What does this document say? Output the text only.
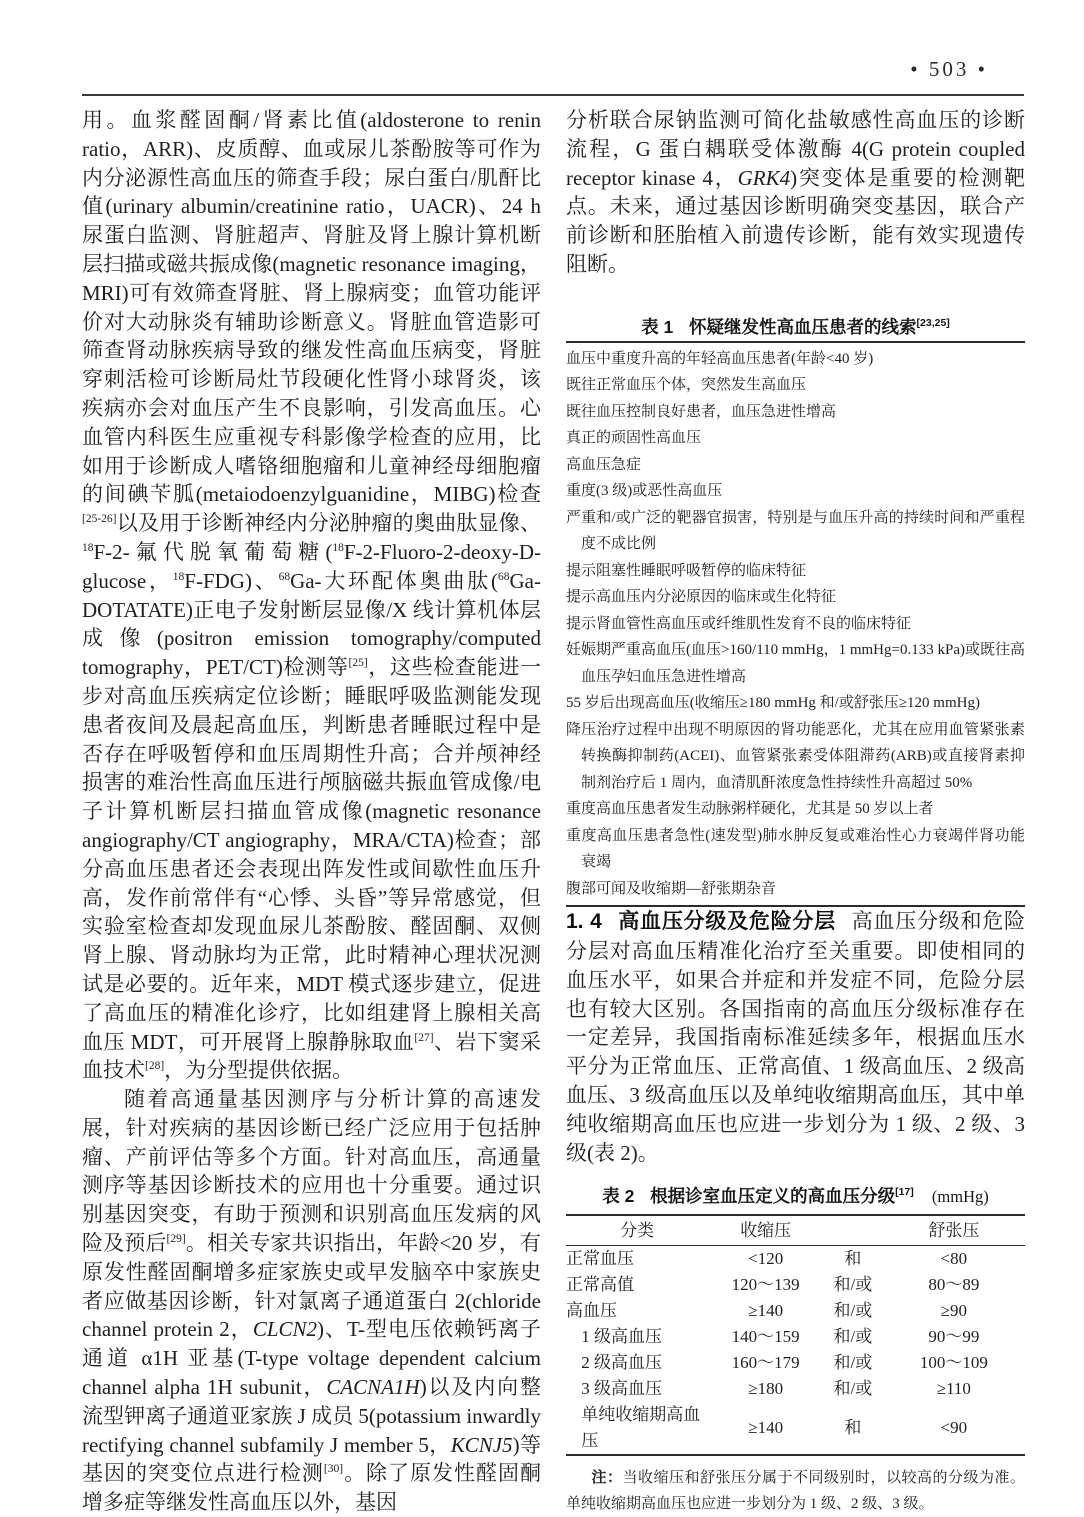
• 503 •

用。血浆醛固酮/肾素比值(aldosterone to renin ratio，ARR)、皮质醇、血或尿儿茶酚胺等可作为内分泌源性高血压的筛查手段；尿白蛋白/肌酐比值(urinary albumin/creatinine ratio，UACR)、24 h 尿蛋白监测、肾脏超声、肾脏及肾上腺计算机断层扫描或磁共振成像(magnetic resonance imaging，MRI)可有效筛查肾脏、肾上腺病变；血管功能评价对大动脉炎有辅助诊断意义。肾脏血管造影可筛查肾动脉疾病导致的继发性高血压病变，肾脏穿刺活检可诊断局灶节段硬化性肾小球肾炎，该疾病亦会对血压产生不良影响，引发高血压。心血管内科医生应重视专科影像学检查的应用，比如用于诊断成人嗜铬细胞瘤和儿童神经母细胞瘤的间碘苄胍(metaiodoenzylguanidine，MIBG)检查[25-26]以及用于诊断神经内分泌肿瘤的奥曲肽显像、$^{18}$F-2-氟代脱氧葡萄糖($^{18}$F-2-Fluoro-2-deoxy-D-glucose，$^{18}$F-FDG)、$^{68}$Ga-大环配体奥曲肽($^{68}$Ga-DOTATATE)正电子发射断层显像/X 线计算机体层成像(positron emission tomography/computed tomography，PET/CT)检测等[25]，这些检查能进一步对高血压疾病定位诊断；睡眠呼吸监测能发现患者夜间及晨起高血压，判断患者睡眠过程中是否存在呼吸暂停和血压周期性升高；合并颅神经损害的难治性高血压进行颅脑磁共振血管成像/电子计算机断层扫描血管成像(magnetic resonance angiography/CT angiography，MRA/CTA)检查；部分高血压患者还会表现出阵发性或间歇性血压升高，发作前常伴有“心悸、头昏”等异常感觉，但实验室检查却发现血尿儿茶酚胺、醛固酮、双侧肾上腺、肾动脉均为正常，此时精神心理状况测试是必要的。近年来，MDT 模式逐步建立，促进了高血压的精准化诊疗，比如组建肾上腺相关高血压 MDT，可开展肾上腺静脉取血[27]、岩下窦采血技术[28]，为分型提供依据。

随着高通量基因测序与分析计算的高速发展，针对疾病的基因诊断已经广泛应用于包括肿瘤、产前评估等多个方面。针对高血压，高通量测序等基因诊断技术的应用也十分重要。通过识别基因突变，有助于预测和识别高血压发病的风险及预后[29]。相关专家共识指出，年龄<20 岁，有原发性醛固酮增多症家族史或早发脑卒中家族史者应做基因诊断，针对氯离子通道蛋白 2(chloride channel protein 2，CLCN2)、T-型电压依赖钙离子通道 α1H 亚基(T-type voltage dependent calcium channel alpha 1H subunit，CACNA1H)以及内向整流型钾离子通道亚家族 J 成员 5(potassium inwardly rectifying channel subfamily J member 5，KCNJ5)等基因的突变位点进行检测[30]。除了原发性醛固酮增多症等继发性高血压以外，基因

分析联合尿钠监测可简化盐敏感性高血压的诊断流程，G 蛋白耦联受体激酶 4(G protein coupled receptor kinase 4，GRK4)突变体是重要的检测靶点。未来，通过基因诊断明确突变基因，联合产前诊断和胚胎植入前遗传诊断，能有效实现遗传阻断。

表 1 怀疑继发性高血压患者的线索[23,25]

血压中重度升高的年轻高血压患者(年龄<40 岁)
既往正常血压个体，突然发生高血压
既往血压控制良好患者，血压急进性增高
真正的顽固性高血压
高血压急症
重度(3 级)或恶性高血压
严重和/或广泛的靶器官损害，特别是与血压升高的持续时间和严重程度不成比例
提示阻塞性睡眠呼吸暂停的临床特征
提示高血压内分泌原因的临床或生化特征
提示肾血管性高血压或纤维肌性发育不良的临床特征
妊娠期严重高血压(血压>160/110 mmHg，1 mmHg=0.133 kPa)或既往高血压孕妇血压急进性增高
55 岁后出现高血压(收缩压≥180 mmHg 和/或舒张压≥120 mmHg)
降压治疗过程中出现不明原因的肾功能恶化，尤其在应用血管紧张素转换酶抑制药(ACEI)、血管紧张素受体阻滞药(ARB)或直接肾素抑制剂治疗后 1 周内，血清肌酐浓度急性持续性升高超过 50%
重度高血压患者发生动脉粥样硬化，尤其是 50 岁以上者
重度高血压患者急性(速发型)肺水肿反复或难治性心力衰竭伴肾功能衰竭
腹部可闻及收缩期—舒张期杂音

1. 4 高血压分级及危险分层 高血压分级和危险分层对高血压精准化治疗至关重要。即使相同的血压水平，如果合并症和并发症不同，危险分层也有较大区别。各国指南的高血压分级标准存在一定差异，我国指南标准延续多年，根据血压水平分为正常血压、正常高值、1 级高血压、2 级高血压、3 级高血压以及单纯收缩期高血压，其中单纯收缩期高血压也应进一步划分为 1 级、2 级、3 级(表 2)。

表 2 根据诊室血压定义的高血压分级[17] (mmHg)

分类	收缩压		舒张压
正常血压	<120	和	<80
正常高值	120～139	和/或	80～89
高血压	≥140	和/或	≥90
1 级高血压	140～159	和/或	90～99
2 级高血压	160～179	和/或	100～109
3 级高血压	≥180	和/或	≥110
单纯收缩期高血压	≥140	和	<90

注：当收缩压和舒张压分属于不同级别时，以较高的分级为准。单纯收缩期高血压也应进一步划分为 1 级、2 级、3 级。
